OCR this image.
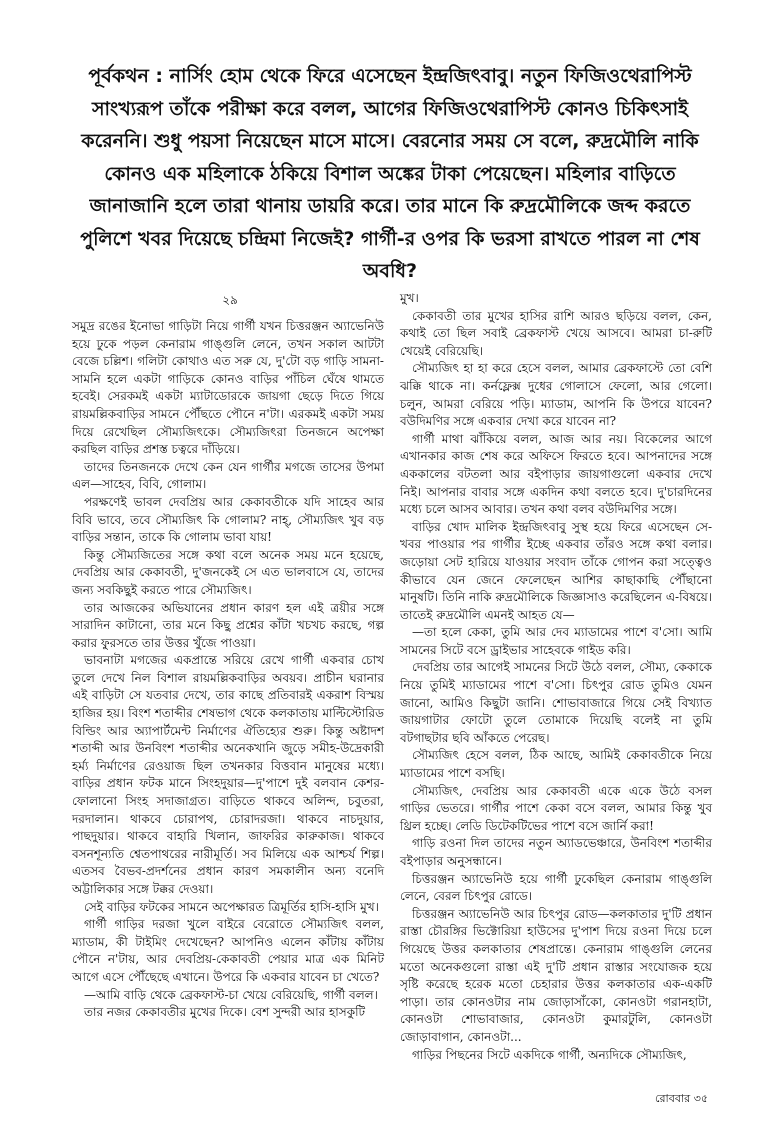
পূর্বকথন : নার্সিং হোম থেকে ফিরে এসেছেন ইন্দ্রজিৎবাবু। নতুন ফিজিওথেরাপিস্ট সাংখ্যরূপ তাঁকে পরীক্ষা করে বলল, আগের ফিজিওথেরাপিস্ট কোনও চিকিৎসাই করেননি। শুধু পয়সা নিয়েছেন মাসে মাসে। বেরনোর সময় সে বলে, রুদ্রমৌলি নাকি কোনও এক মহিলাকে ঠকিয়ে বিশাল অঙ্কের টাকা পেয়েছেন। মহিলার বাড়িতে জানাজানি হলে তারা থানায় ডায়রি করে। তার মানে কি রুদ্রমৌলিকে জব্দ করতে পুলিশে খবর দিয়েছে চন্দ্রিমা নিজেই? গার্গী-র ওপর কি ভরসা রাখতে পারল না শেষ অবধি?
২৯

সমুদ্র রঙের ইনোভা গাড়িটা নিয়ে গার্গী যখন চিত্তরঞ্জন অ্যাভেনিউ হয়ে ঢুকে পড়ল কেনারাম গাঙ্গুলি লেনে, তখন সকাল আটটা বেজে চল্লিশ। গলিটা কোথাও এত সরু যে, দু'টো বড় গাড়ি সামনা-সামনি হলে একটা গাড়িকে কোনও বাড়ির পাঁচিল ঘেঁষে থামতে হবেই। সেরকমই একটা ম্যাটাডোরকে জায়গা ছেড়ে দিতে গিয়ে রায়মল্লিকবাড়ির সামনে পৌঁছতে পৌনে ন'টা। এরকমই একটা সময় দিয়ে রেখেছিল সৌম্যজিৎকে। সৌম্যজিৎরা তিনজনে অপেক্ষা করছিল বাড়ির প্রশস্ত চত্বরে দাঁড়িয়ে।

তাদের তিনজনকে দেখে কেন যেন গার্গীর মগজে তাসের উপমা এল—সাহেব, বিবি, গোলাম।

পরক্ষণেই ভাবল দেবপ্রিয় আর কেকাবতীকে যদি সাহেব আর বিবি ভাবে, তবে সৌম্যজিৎ কি গোলাম? নাহ্, সৌম্যজিৎ খুব বড় বাড়ির সন্তান, তাকে কি গোলাম ভাবা যায়!

কিন্তু সৌম্যজিতের সঙ্গে কথা বলে অনেক সময় মনে হয়েছে, দেবপ্রিয় আর কেকাবতী, দু'জনকেই সে এত ভালবাসে যে, তাদের জন্য সবকিছুই করতে পারে সৌম্যজিৎ।

তার আজকের অভিযানের প্রধান কারণ হল এই ত্রয়ীর সঙ্গে সারাদিন কাটানো, তার মনে কিছু প্রশ্নের কাঁটা খচখচ করছে, গল্প করার ফুরসতে তার উত্তর খুঁজে পাওয়া।

ভাবনাটা মগজের একপ্রান্তে সরিয়ে রেখে গার্গী একবার চোখ তুলে দেখে নিল বিশাল রায়মল্লিকবাড়ির অবয়ব। প্রাচীন ঘরানার এই বাড়িটা সে যতবার দেখে, তার কাছে প্রতিবারই একরাশ বিস্ময় হাজির হয়। বিংশ শতাব্দীর শেষভাগ থেকে কলকাতায় মাল্টিস্টোরিড বিল্ডিং আর অ্যাপার্টমেন্ট নির্মাণের ঐতিহ্যের শুরু। কিন্তু অষ্টাদশ শতাব্দী আর উনবিংশ শতাব্দীর অনেকখানি জুড়ে সমীহ-উদ্রেকারী হর্ম্য নির্মাণের রেওয়াজ ছিল তখনকার বিত্তবান মানুষের মধ্যে। বাড়ির প্রধান ফটক মানে সিংহদুয়ার—দু'পাশে দুই বলবান কেশর-ফোলানো সিংহ সদাজাগ্রত। বাড়িতে থাকবে অলিন্দ, চবুতরা, দরদালান। থাকবে চোরাপথ, চোরাদরজা। থাকবে নাচদুয়ার, পাছদুয়ার। থাকবে বাহারি খিলান, জাফরির কারুকাজ। থাকবে বসনশূন্যতি শ্বেতপাথরের নারীমূর্তি। সব মিলিয়ে এক আশ্চর্য শিল্প। এতসব বৈভব-প্রদর্শনের প্রধান কারণ সমকালীন অন্য বনেদি অট্টালিকার সঙ্গে টক্কর দেওয়া।

সেই বাড়ির ফটকের সামনে অপেক্ষারত ত্রিমূর্তির হাসি-হাসি মুখ।

গার্গী গাড়ির দরজা খুলে বাইরে বেরোতে সৌম্যজিৎ বলল, ম্যাডাম, কী টাইমিং দেখেছেন? আপনিও এলেন কাঁটায় কাঁটায় পৌনে ন'টায়, আর দেবপ্রিয়-কেকাবতী পেয়ার মাত্র এক মিনিট আগে এসে পৌঁছেছে এখানে। উপরে কি একবার যাবেন চা খেতে?

—আমি বাড়ি থেকে ব্রেকফাস্ট-চা খেয়ে বেরিয়েছি, গার্গী বলল।

তার নজর কেকাবতীর মুখের দিকে। বেশ সুন্দরী আর হাসকুটি

মুখ।

কেকাবতী তার মুখের হাসির রাশি আরও ছড়িয়ে বলল, কেন, কথাই তো ছিল সবাই ব্রেকফাস্ট খেয়ে আসবে। আমরা চা-রুটি খেয়েই বেরিয়েছি।

সৌম্যজিৎ হা হা করে হেসে বলল, আমার ব্রেকফাস্টে তো বেশি ঝক্কি থাকে না। কর্নফ্লেক্স দুধের গোলাসে ফেলো, আর গেলো। চলুন, আমরা বেরিয়ে পড়ি। ম্যাডাম, আপনি কি উপরে যাবেন? বউদিমণির সঙ্গে একবার দেখা করে যাবেন না?

গার্গী মাথা ঝাঁকিয়ে বলল, আজ আর নয়। বিকেলের আগে এখানকার কাজ শেষ করে অফিসে ফিরতে হবে। আপনাদের সঙ্গে এককালের বটতলা আর বইপাড়ার জায়গাগুলো একবার দেখে নিই। আপনার বাবার সঙ্গে একদিন কথা বলতে হবে। দু'চারদিনের মধ্যে চলে আসব আবার। তখন কথা বলব বউদিমণির সঙ্গে।

বাড়ির খোদ মালিক ইন্দ্রজিৎবাবু সুস্থ হয়ে ফিরে এসেছেন সে-খবর পাওয়ার পর গার্গীর ইচ্ছে একবার তাঁরও সঙ্গে কথা বলার। জড়োয়া সেট হারিয়ে যাওয়ার সংবাদ তাঁকে গোপন করা সত্ত্বেও কীভাবে যেন জেনে ফেলেছেন আশির কাছাকাছি পৌঁছানো মানুষটি। তিনি নাকি রুদ্রমৌলিকে জিজ্ঞাসাও করেছিলেন এ-বিষয়ে। তাতেই রুদ্রমৌলি এমনই আহত যে—

—তা হলে কেকা, তুমি আর দেব ম্যাডামের পাশে ব'সো। আমি সামনের সিটে বসে ড্রাইভার সাহেবকে গাইড করি।

দেবপ্রিয় তার আগেই সামনের সিটে উঠে বলল, সৌম্য, কেকাকে নিয়ে তুমিই ম্যাডামের পাশে ব'সো। চিৎপুর রোড তুমিও যেমন জানো, আমিও কিছুটা জানি। শোভাবাজারে গিয়ে সেই বিখ্যাত জায়গাটার ফোটো তুলে তোমাকে দিয়েছি বলেই না তুমি বটগাছটার ছবি আঁকতে পেরেছ।

সৌম্যজিৎ হেসে বলল, ঠিক আছে, আমিই কেকাবতীকে নিয়ে ম্যাডামের পাশে বসছি।

সৌম্যজিৎ, দেবপ্রিয় আর কেকাবতী একে একে উঠে বসল গাড়ির ভেতরে। গার্গীর পাশে কেকা বসে বলল, আমার কিন্তু খুব থ্রিল হচ্ছে। লেডি ডিটেকটিভের পাশে বসে জার্নি করা!

গাড়ি রওনা দিল তাদের নতুন অ্যাডভেঞ্চারে, উনবিংশ শতাব্দীর বইপাড়ার অনুসন্ধানে।

চিত্তরঞ্জন অ্যাভেনিউ হয়ে গার্গী ঢুকেছিল কেনারাম গাঙ্গুলি লেনে, বেরল চিৎপুর রোডে।

চিত্তরঞ্জন অ্যাভেনিউ আর চিৎপুর রোড—কলকাতার দু'টি প্রধান রাস্তা চৌরঙ্গির ভিক্টোরিয়া হাউসের দু'পাশ দিয়ে রওনা দিয়ে চলে গিয়েছে উত্তর কলকাতার শেষপ্রান্তে। কেনারাম গাঙ্গুলি লেনের মতো অনেকগুলো রাস্তা এই দু'টি প্রধান রাস্তার সংযোজক হয়ে সৃষ্টি করেছে হরেক মতো চেহারার উত্তর কলকাতার এক-একটি পাড়া। তার কোনওটার নাম জোড়াসাঁকো, কোনওটা গরানহাটা, কোনওটা শোভাবাজার, কোনওটা কুমারটুলি, কোনওটা জোড়াবাগান, কোনওটা...

গাড়ির পিছনের সিটে একদিকে গার্গী, অন্যদিকে সৌম্যজিৎ,

রোববার ৩৫
